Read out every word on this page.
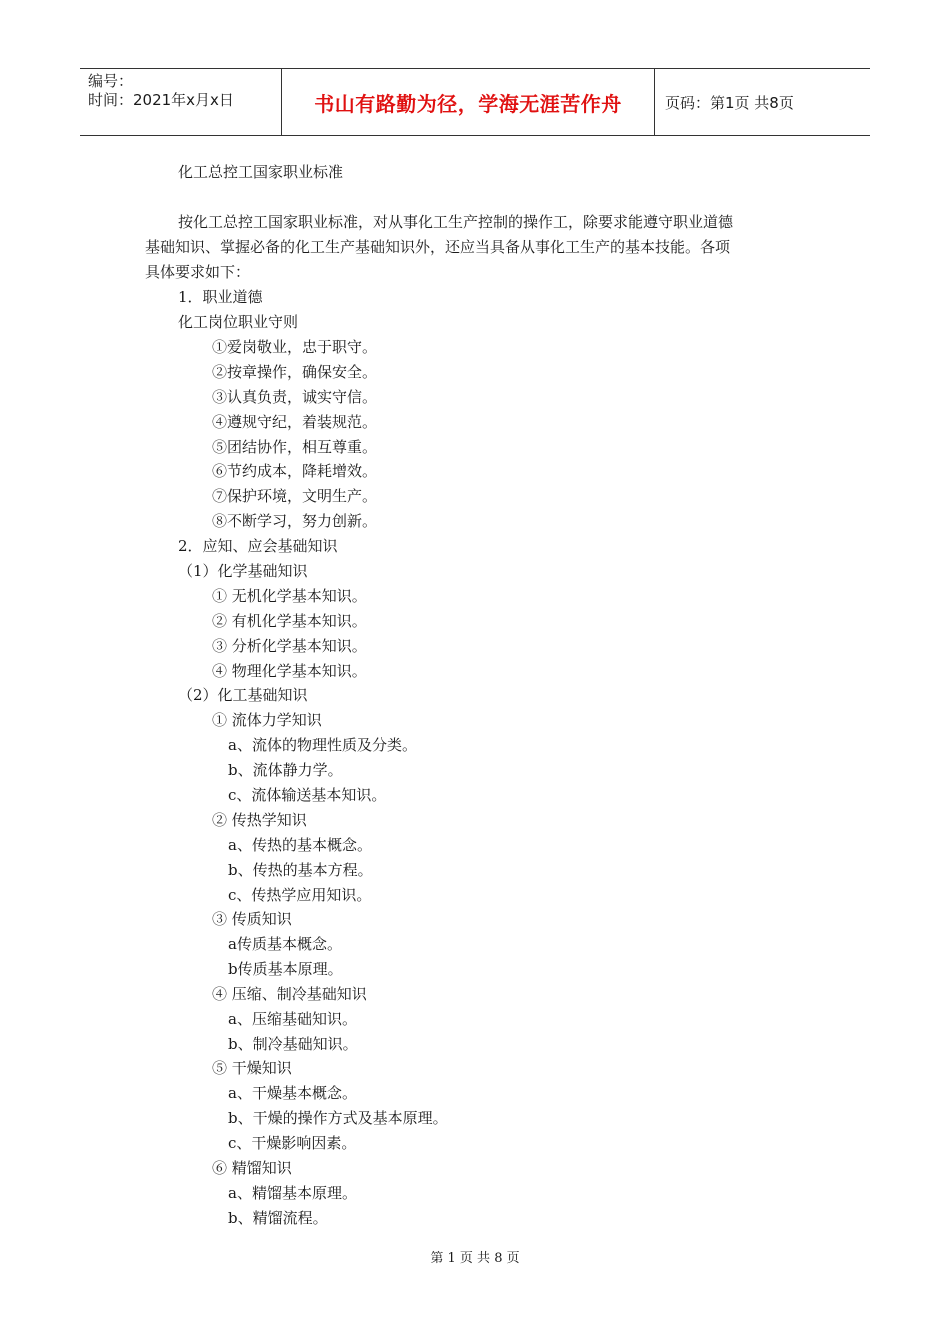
编号：
时间：2021年x月x日	书山有路勤为径，学海无涯苦作舟	页码：第1页 共8页
化工总控工国家职业标准
按化工总控工国家职业标准，对从事化工生产控制的操作工，除要求能遵守职业道德
基础知识、掌握必备的化工生产基础知识外，还应当具备从事化工生产的基本技能。各项
具体要求如下：
1．职业道德
化工岗位职业守则
①爱岗敬业，忠于职守。
②按章操作，确保安全。
③认真负责，诚实守信。
④遵规守纪，着装规范。
⑤团结协作，相互尊重。
⑥节约成本，降耗增效。
⑦保护环境，文明生产。
⑧不断学习，努力创新。
2．应知、应会基础知识
（1）化学基础知识
① 无机化学基本知识。
② 有机化学基本知识。
③ 分析化学基本知识。
④ 物理化学基本知识。
（2）化工基础知识
① 流体力学知识
a、流体的物理性质及分类。
b、流体静力学。
c、流体输送基本知识。
② 传热学知识
a、传热的基本概念。
b、传热的基本方程。
c、传热学应用知识。
③ 传质知识
a传质基本概念。
b传质基本原理。
④ 压缩、制冷基础知识
a、压缩基础知识。
b、制冷基础知识。
⑤ 干燥知识
a、干燥基本概念。
b、干燥的操作方式及基本原理。
c、干燥影响因素。
⑥ 精馏知识
a、精馏基本原理。
b、精馏流程。
第 1 页 共 8 页
